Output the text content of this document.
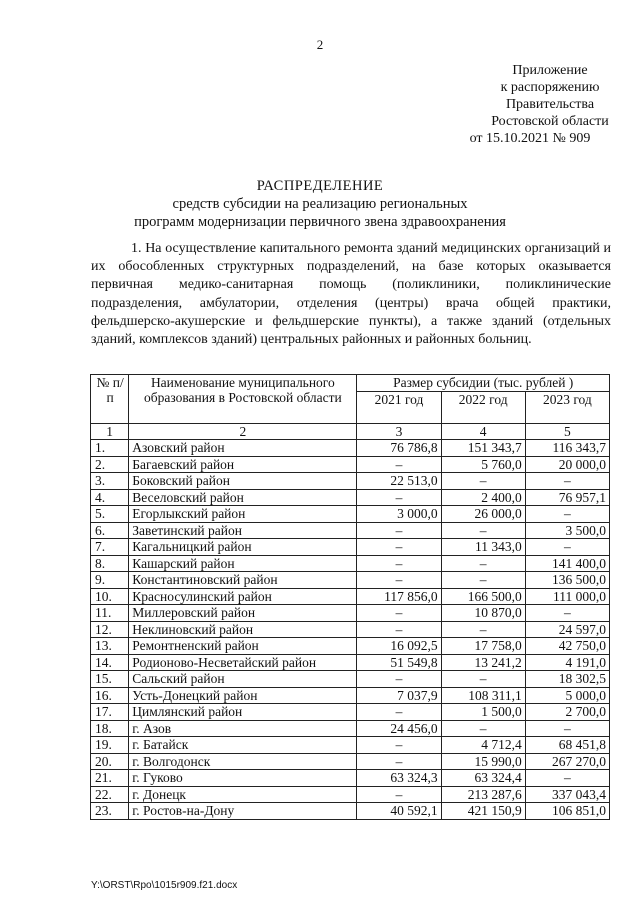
2
Приложение
к распоряжению
Правительства
Ростовской области
от 15.10.2021 № 909
РАСПРЕДЕЛЕНИЕ
средств субсидии на реализацию региональных
программ модернизации первичного звена здравоохранения
1. На осуществление капитального ремонта зданий медицинских организаций и их обособленных структурных подразделений, на базе которых оказывается первичная медико-санитарная помощь (поликлиники, поликлинические подразделения, амбулатории, отделения (центры) врача общей практики, фельдшерско-акушерские и фельдшерские пункты), а также зданий (отдельных зданий, комплексов зданий) центральных районных и районных больниц.
№ п/п	Наименование муниципального образования в Ростовской области	Размер субсидии (тыс. рублей )		
		2021 год	2022 год	2023 год
1	2	3	4	5
1.	Азовский район	76 786,8	151 343,7	116 343,7
2.	Багаевский район	–	5 760,0	20 000,0
3.	Боковский район	22 513,0	–	–
4.	Веселовский район	–	2 400,0	76 957,1
5.	Егорлыкский район	3 000,0	26 000,0	–
6.	Заветинский район	–	–	3 500,0
7.	Кагальницкий район	–	11 343,0	–
8.	Кашарский район	–	–	141 400,0
9.	Константиновский район	–	–	136 500,0
10.	Красносулинский район	117 856,0	166 500,0	111 000,0
11.	Миллеровский район	–	10 870,0	–
12.	Неклиновский район	–	–	24 597,0
13.	Ремонтненский район	16 092,5	17 758,0	42 750,0
14.	Родионово-Несветайский район	51 549,8	13 241,2	4 191,0
15.	Сальский район	–	–	18 302,5
16.	Усть-Донецкий район	7 037,9	108 311,1	5 000,0
17.	Цимлянский район	–	1 500,0	2 700,0
18.	г. Азов	24 456,0	–	–
19.	г. Батайск	–	4 712,4	68 451,8
20.	г. Волгодонск	–	15 990,0	267 270,0
21.	г. Гуково	63 324,3	63 324,4	–
22.	г. Донецк	–	213 287,6	337 043,4
23.	г. Ростов-на-Дону	40 592,1	421 150,9	106 851,0
Y:\ORST\Rpo\1015r909.f21.docx
